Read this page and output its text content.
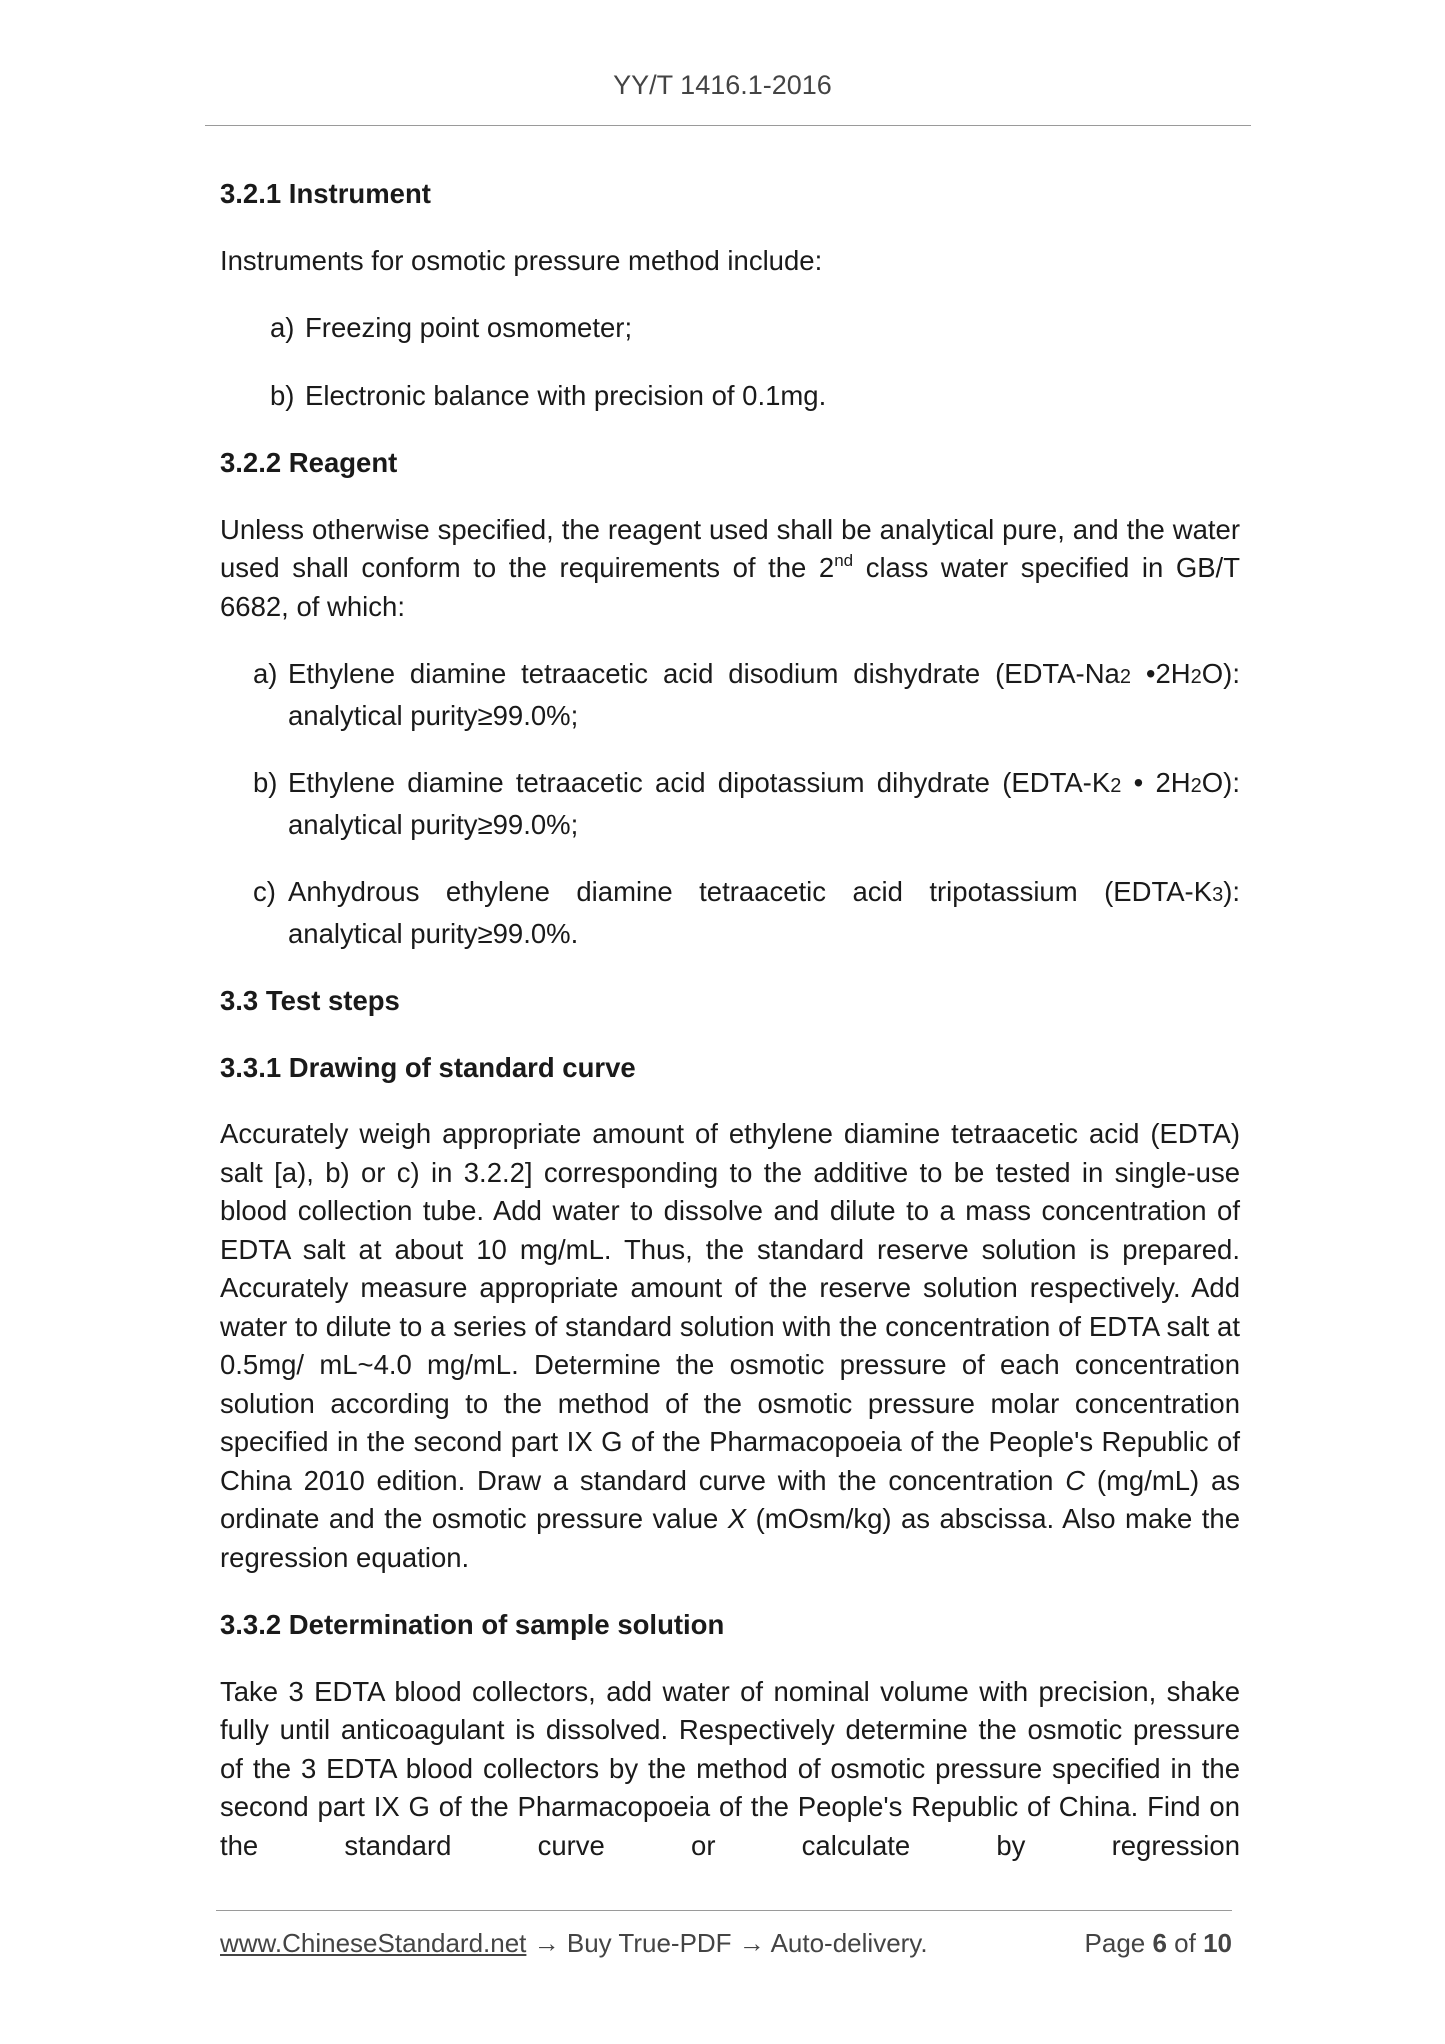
YY/T 1416.1-2016
3.2.1 Instrument

Instruments for osmotic pressure method include:

a) Freezing point osmometer;
b) Electronic balance with precision of 0.1mg.
3.2.2 Reagent

Unless otherwise specified, the reagent used shall be analytical pure, and the water used shall conform to the requirements of the 2nd class water specified in GB/T 6682, of which:

a) Ethylene diamine tetraacetic acid disodium dishydrate (EDTA-Na2 •2H2O): analytical purity≥99.0%;
b) Ethylene diamine tetraacetic acid dipotassium dihydrate (EDTA-K2 • 2H2O): analytical purity≥99.0%;
c) Anhydrous ethylene diamine tetraacetic acid tripotassium (EDTA-K3): analytical purity≥99.0%.
3.3 Test steps
3.3.1 Drawing of standard curve

Accurately weigh appropriate amount of ethylene diamine tetraacetic acid (EDTA) salt [a), b) or c) in 3.2.2] corresponding to the additive to be tested in single-use blood collection tube. Add water to dissolve and dilute to a mass concentration of EDTA salt at about 10 mg/mL. Thus, the standard reserve solution is prepared. Accurately measure appropriate amount of the reserve solution respectively. Add water to dilute to a series of standard solution with the concentration of EDTA salt at 0.5mg/ mL~4.0 mg/mL. Determine the osmotic pressure of each concentration solution according to the method of the osmotic pressure molar concentration specified in the second part IX G of the Pharmacopoeia of the People's Republic of China 2010 edition. Draw a standard curve with the concentration C (mg/mL) as ordinate and the osmotic pressure value X (mOsm/kg) as abscissa. Also make the regression equation.

3.3.2 Determination of sample solution

Take 3 EDTA blood collectors, add water of nominal volume with precision, shake fully until anticoagulant is dissolved. Respectively determine the osmotic pressure of the 3 EDTA blood collectors by the method of osmotic pressure specified in the second part IX G of the Pharmacopoeia of the People's Republic of China. Find on the standard curve or calculate by regression

www.ChineseStandard.net → Buy True-PDF → Auto-delivery.	Page 6 of 10
